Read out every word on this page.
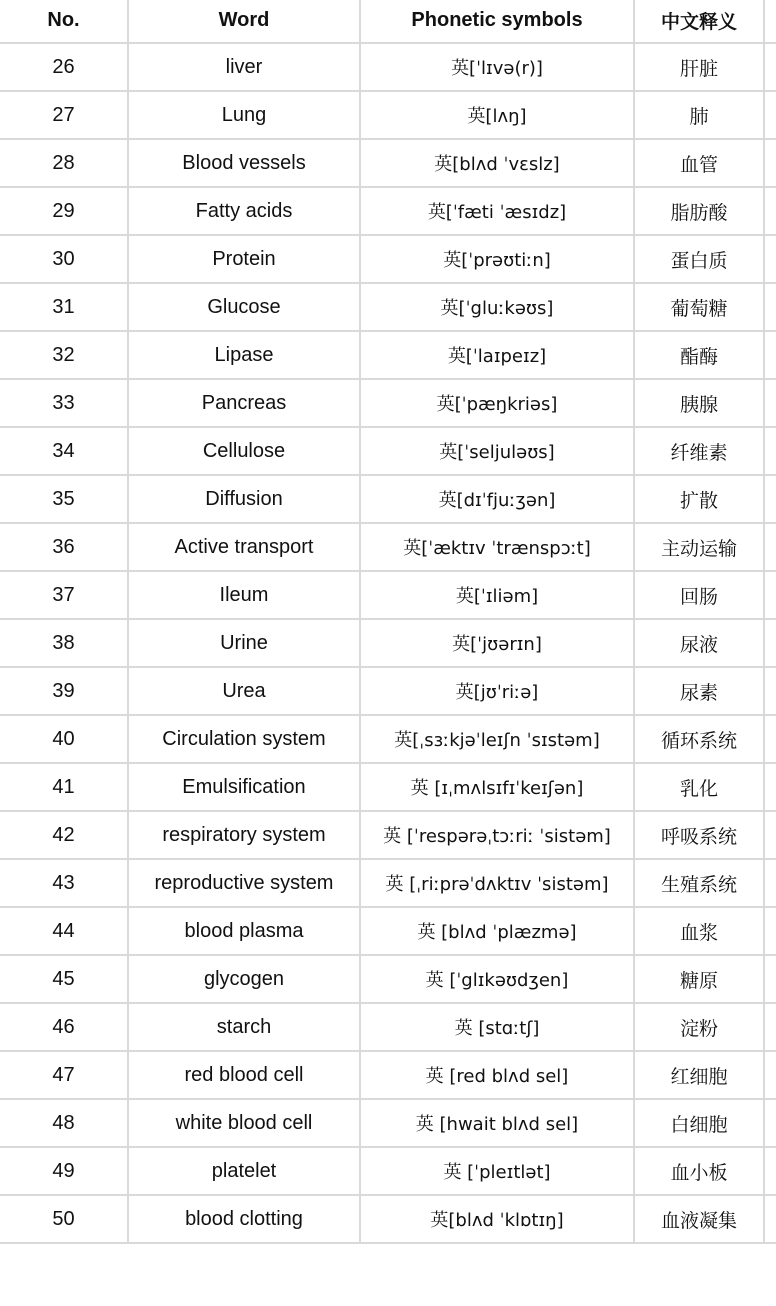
No.	Word	Phonetic symbols	中文释义	
26	liver	英[ˈlɪvə(r)]	肝脏	
27	Lung	英[lʌŋ]	肺	
28	Blood vessels	英[blʌd ˈvɛslz]	血管	
29	Fatty acids	英[ˈfæti ˈæsɪdz]	脂肪酸	
30	Protein	英[ˈprəʊtiːn]	蛋白质	
31	Glucose	英[ˈgluːkəʊs]	葡萄糖	
32	Lipase	英[ˈlaɪpeɪz]	酯酶	
33	Pancreas	英[ˈpæŋkriəs]	胰腺	
34	Cellulose	英[ˈseljuləʊs]	纤维素	
35	Diffusion	英[dɪˈfjuːʒən]	扩散	
36	Active transport	英[ˈæktɪv ˈtrænspɔːt]	主动运输	
37	Ileum	英[ˈɪliəm]	回肠	
38	Urine	英[ˈjʊərɪn]	尿液	
39	Urea	英[jʊˈriːə]	尿素	
40	Circulation system	英[ˌsɜːkjəˈleɪʃn ˈsɪstəm]	循环系统	
41	Emulsification	英 [ɪˌmʌlsɪfɪˈkeɪʃən]	乳化	
42	respiratory system	英 [ˈrespərəˌtɔːriː ˈsistəm]	呼吸系统	
43	reproductive system	英 [ˌriːprəˈdʌktɪv ˈsistəm]	生殖系统	
44	blood plasma	英 [blʌd ˈplæzmə]	血浆	
45	glycogen	英 [ˈglɪkəʊdʒen]	糖原	
46	starch	英 [stɑːtʃ]	淀粉	
47	red blood cell	英 [red blʌd sel]	红细胞	
48	white blood cell	英 [hwait blʌd sel]	白细胞	
49	platelet	英 [ˈpleɪtlət]	血小板	
50	blood clotting	英[blʌd ˈklɒtɪŋ]	血液凝集	
